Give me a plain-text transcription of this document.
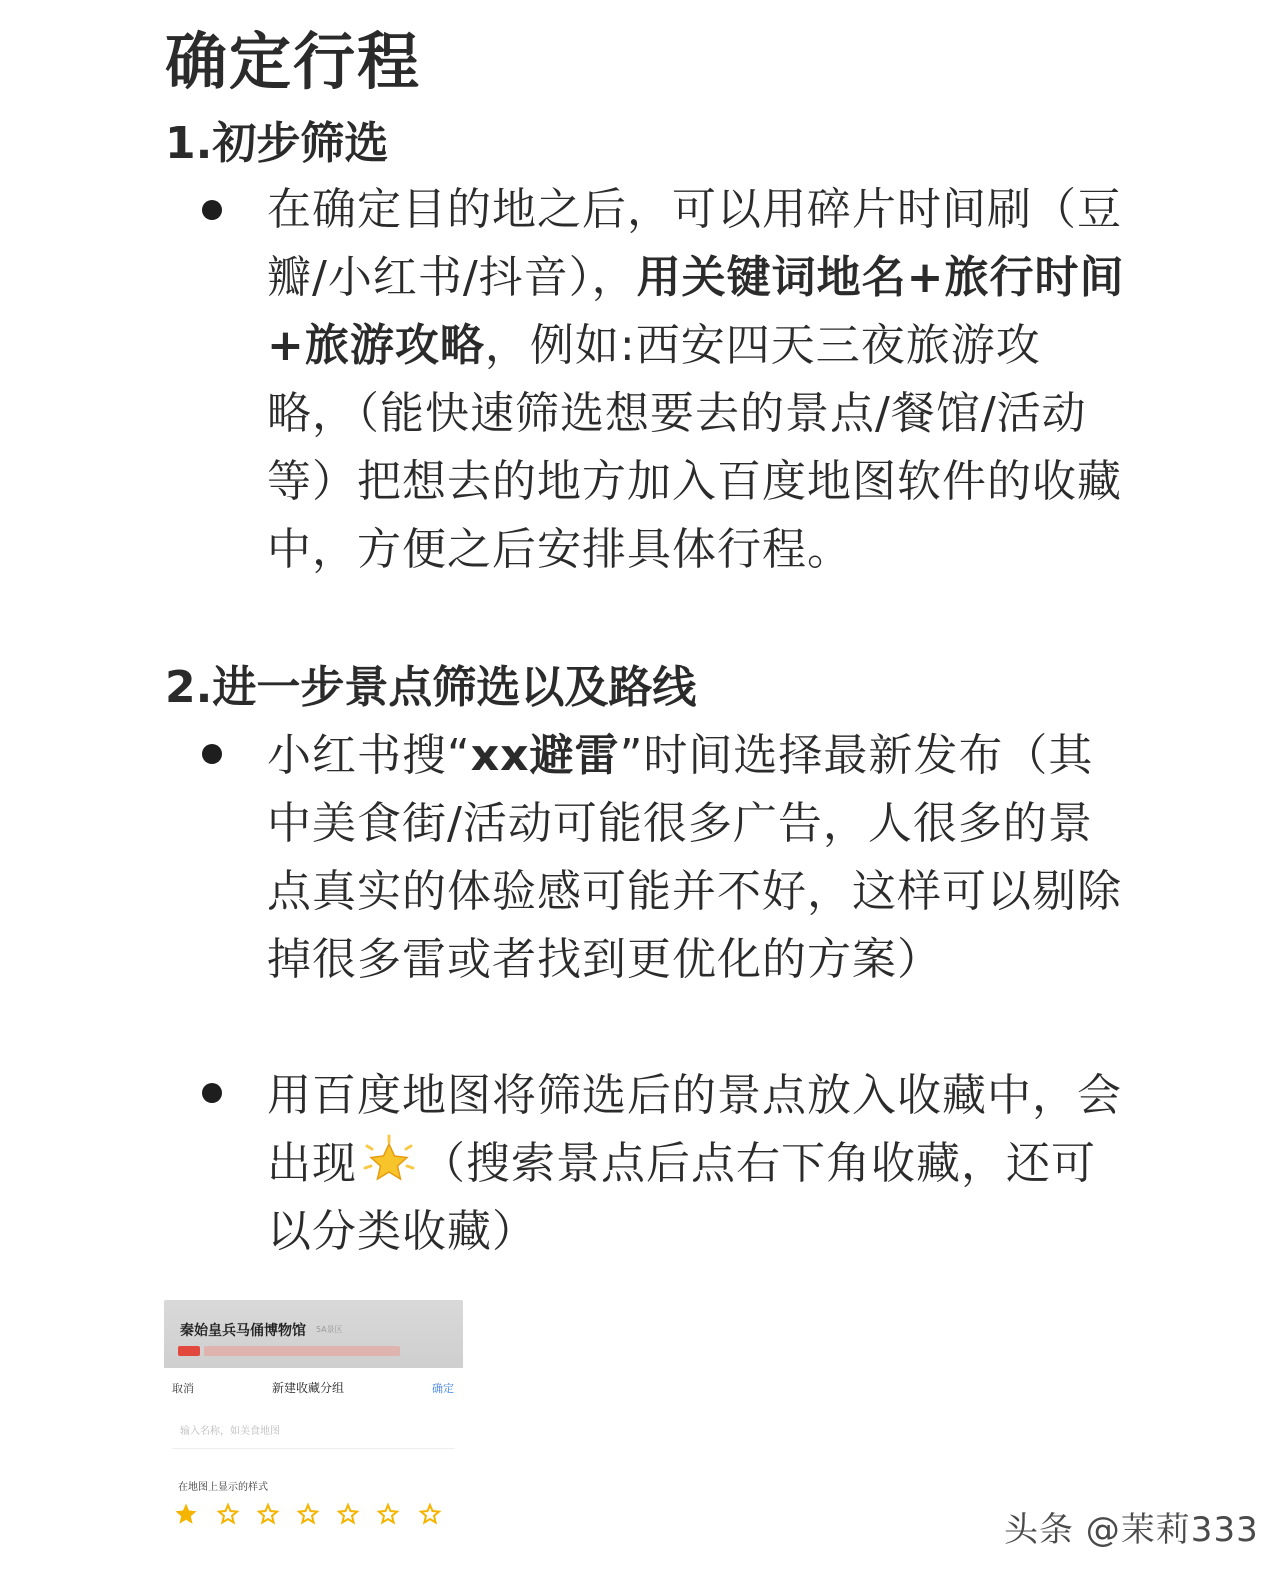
确定行程
1.初步筛选

在确定目的地之后，可以用碎片时间刷（豆瓣/小红书/抖音），用关键词地名+旅行时间+旅游攻略，例如:西安四天三夜旅游攻略，（能快速筛选想要去的景点/餐馆/活动等）把想去的地方加入百度地图软件的收藏中，方便之后安排具体行程。

2.进一步景点筛选以及路线

小红书搜“xx避雷”时间选择最新发布（其中美食街/活动可能很多广告，人很多的景点真实的体验感可能并不好，这样可以剔除掉很多雷或者找到更优化的方案）

用百度地图将筛选后的景点放入收藏中，会出现 （搜索景点后点右下角收藏，还可以分类收藏）

秦始皇兵马俑博物馆 5A景区
取消	新建收藏分组	确定
输入名称，如美食地图
在地图上显示的样式
头条 @茉莉333
